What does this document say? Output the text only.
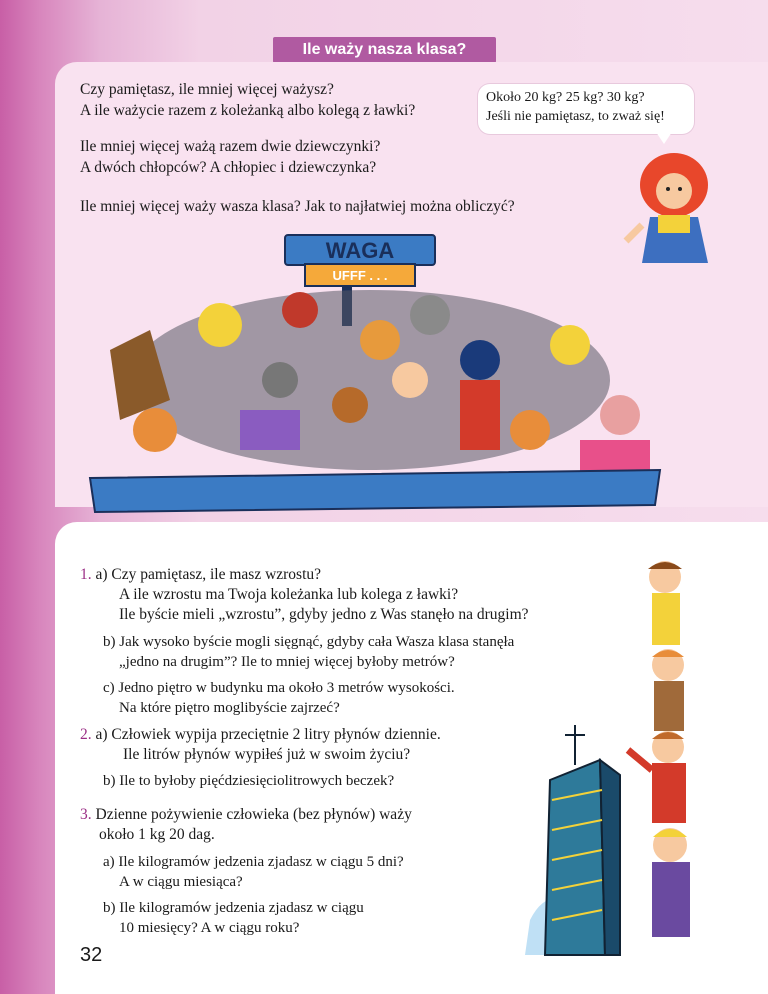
Ile waży nasza klasa?
Czy pamiętasz, ile mniej więcej ważysz?
A ile ważycie razem z koleżanką albo kolegą z ławki?
Ile mniej więcej ważą razem dwie dziewczynki?
A dwóch chłopców? A chłopiec i dziewczynka?
Ile mniej więcej waży wasza klasa? Jak to najłatwiej można obliczyć?
Około 20 kg? 25 kg? 30 kg?
Jeśli nie pamiętasz, to zważ się!
WAGA
UFFF . . .
1. a) Czy pamiętasz, ile masz wzrostu?
A ile wzrostu ma Twoja koleżanka lub kolega z ławki?
Ile byście mieli „wzrostu”, gdyby jedno z Was stanęło na drugim?
b) Jak wysoko byście mogli sięgnąć, gdyby cała Wasza klasa stanęła
„jedno na drugim”? Ile to mniej więcej byłoby metrów?
c) Jedno piętro w budynku ma około 3 metrów wysokości.
Na które piętro moglibyście zajrzeć?
2. a) Człowiek wypija przeciętnie 2 litry płynów dziennie.
Ile litrów płynów wypiłeś już w swoim życiu?
b) Ile to byłoby pięćdziesięciolitrowych beczek?
3. Dzienne pożywienie człowieka (bez płynów) waży
około 1 kg 20 dag.
a) Ile kilogramów jedzenia zjadasz w ciągu 5 dni?
A w ciągu miesiąca?
b) Ile kilogramów jedzenia zjadasz w ciągu
10 miesięcy? A w ciągu roku?
32
